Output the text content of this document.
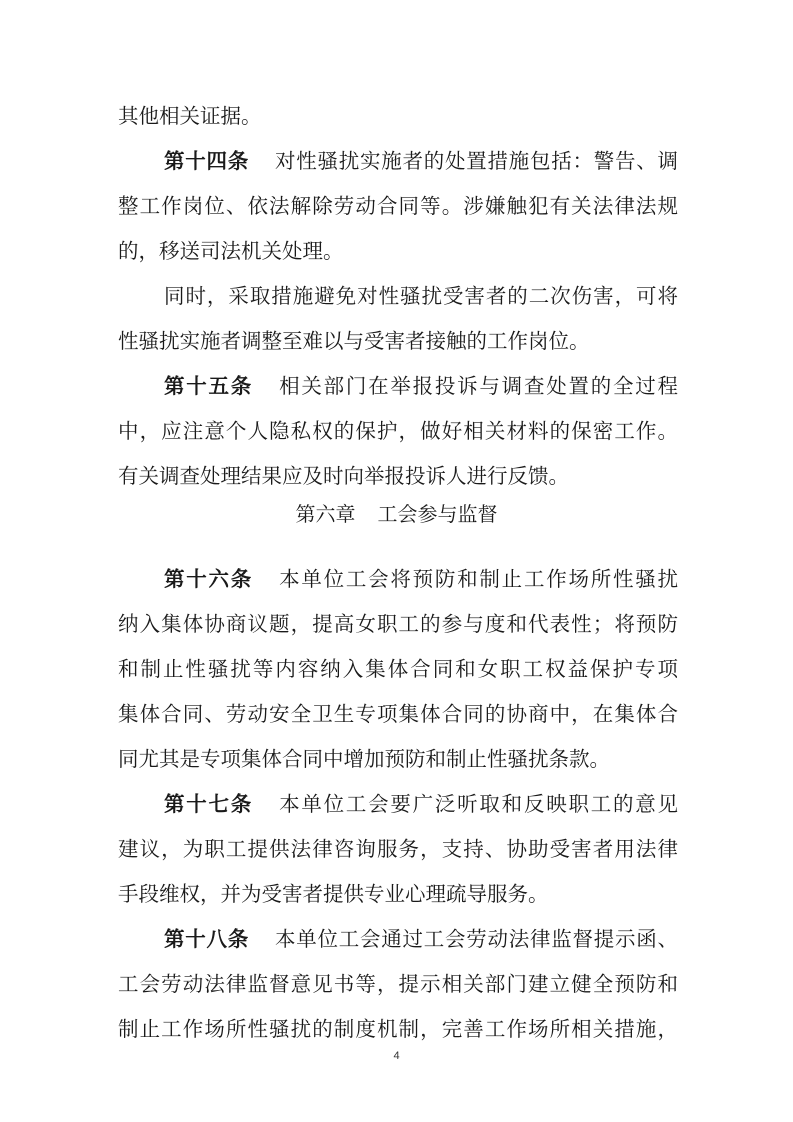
其他相关证据。
第十四条 对性骚扰实施者的处置措施包括：警告、调
整工作岗位、依法解除劳动合同等。涉嫌触犯有关法律法规
的，移送司法机关处理。
同时，采取措施避免对性骚扰受害者的二次伤害，可将
性骚扰实施者调整至难以与受害者接触的工作岗位。
第十五条 相关部门在举报投诉与调查处置的全过程
中，应注意个人隐私权的保护，做好相关材料的保密工作。
有关调查处理结果应及时向举报投诉人进行反馈。
第六章 工会参与监督
第十六条 本单位工会将预防和制止工作场所性骚扰
纳入集体协商议题，提高女职工的参与度和代表性；将预防
和制止性骚扰等内容纳入集体合同和女职工权益保护专项
集体合同、劳动安全卫生专项集体合同的协商中，在集体合
同尤其是专项集体合同中增加预防和制止性骚扰条款。
第十七条 本单位工会要广泛听取和反映职工的意见
建议，为职工提供法律咨询服务，支持、协助受害者用法律
手段维权，并为受害者提供专业心理疏导服务。
第十八条 本单位工会通过工会劳动法律监督提示函、
工会劳动法律监督意见书等，提示相关部门建立健全预防和
制止工作场所性骚扰的制度机制，完善工作场所相关措施，
4
